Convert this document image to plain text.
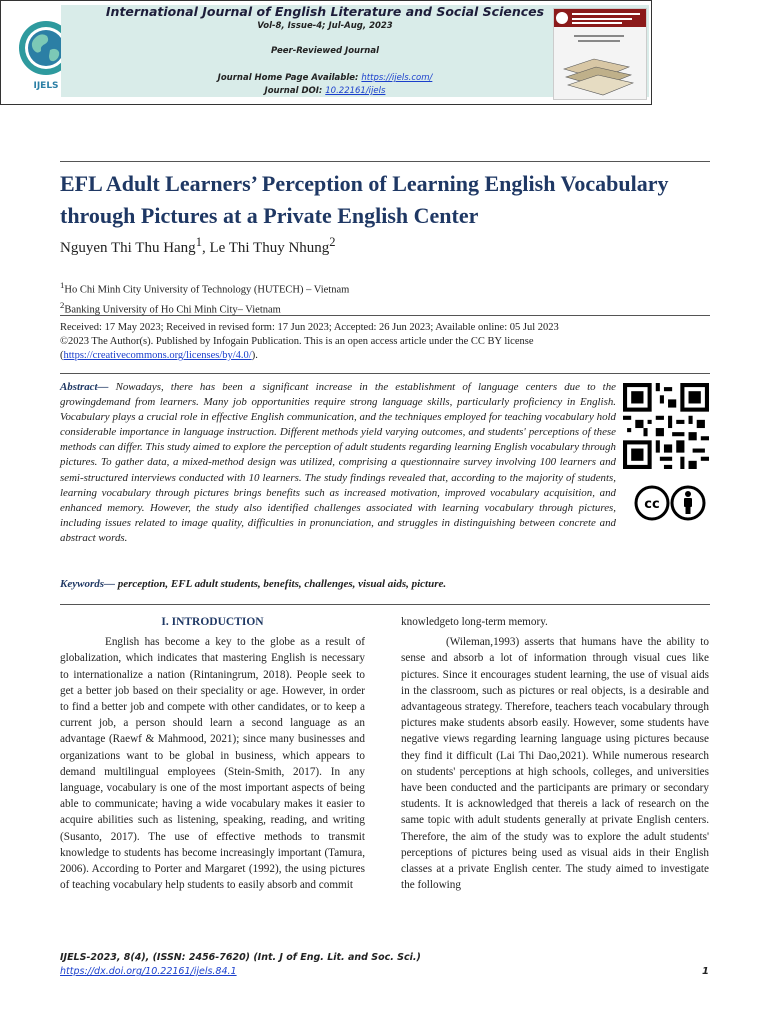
IJELS
International Journal of English Literature and Social Sciences
Vol-8, Issue-4; Jul-Aug, 2023
Peer-Reviewed Journal
Journal Home Page Available: https://ijels.com/
Journal DOI: 10.22161/ijels
EFL Adult Learners’ Perception of Learning English Vocabulary through Pictures at a Private English Center
Nguyen Thi Thu Hang$^1$, Le Thi Thuy Nhung$^2$
$^1$Ho Chi Minh City University of Technology (HUTECH) – Vietnam
$^2$Banking University of Ho Chi Minh City– Vietnam
Received: 17 May 2023; Received in revised form: 17 Jun 2023; Accepted: 26 Jun 2023; Available online: 05 Jul 2023
©2023 The Author(s). Published by Infogain Publication. This is an open access article under the CC BY license
(https://creativecommons.org/licenses/by/4.0/).
Abstract— Nowadays, there has been a significant increase in the establishment of language centers due to the growingdemand from learners. Many job opportunities require strong language skills, particularly proficiency in English. Vocabulary plays a crucial role in effective English communication, and the techniques employed for teaching vocabulary hold considerable importance in language instruction. Different methods yield varying outcomes, and students' perceptions of these methods can differ. This study aimed to explore the perception of adult students regarding learning English vocabulary through pictures. To gather data, a mixed-method design was utilized, comprising a questionnaire survey involving 100 learners and semi-structured interviews conducted with 10 learners. The study findings revealed that, according to the majority of students, learning vocabulary through pictures brings benefits such as increased motivation, improved vocabulary acquisition, and enhanced memory. However, the study also identified challenges associated with learning vocabulary through pictures, including issues related to image quality, difficulties in pronunciation, and struggles in distinguishing between concrete and abstract words.
cc
Keywords— perception, EFL adult students, benefits, challenges, visual aids, picture.
I. INTRODUCTION

English has become a key to the globe as a result of globalization, which indicates that mastering English is necessary to internationalize a nation (Rintaningrum, 2018). People seek to get a better job based on their speciality or age. However, in order to find a better job and compete with other candidates, or to keep a current job, a person should learn a second language as an advantage (Raewf & Mahmood, 2021); since many businesses and organizations want to be global in business, which appears to demand multilingual employees (Stein-Smith, 2017). In any language, vocabulary is one of the most important aspects of being able to communicate; having a wide vocabulary makes it easier to acquire abilities such as listening, speaking, reading, and writing (Susanto, 2017). The use of effective methods to transmit knowledge to students has become increasingly important (Tamura, 2006). According to Porter and Margaret (1992), the using pictures of teaching vocabulary help students to easily absorb and commit

knowledgeto long-term memory.

(Wileman,1993) asserts that humans have the ability to sense and absorb a lot of information through visual cues like pictures. Since it encourages student learning, the use of visual aids in the classroom, such as pictures or real objects, is a desirable and advantageous strategy. Therefore, teachers teach vocabulary through pictures make students absorb easily. However, some students have negative views regarding learning language using pictures because they find it difficult (Lai Thi Dao,2021). While numerous research on students' perceptions at high schools, colleges, and universities have been conducted and the participants are primary or secondary students. It is acknowledged that thereis a lack of research on the same topic with adult students generally at private English centers. Therefore, the aim of the study was to explore the adult students' perceptions of pictures being used as visual aids in their English classes at a private English center. The study aimed to investigate the following

IJELS-2023, 8(4), (ISSN: 2456-7620) (Int. J of Eng. Lit. and Soc. Sci.)
https://dx.doi.org/10.22161/ijels.84.1	1
